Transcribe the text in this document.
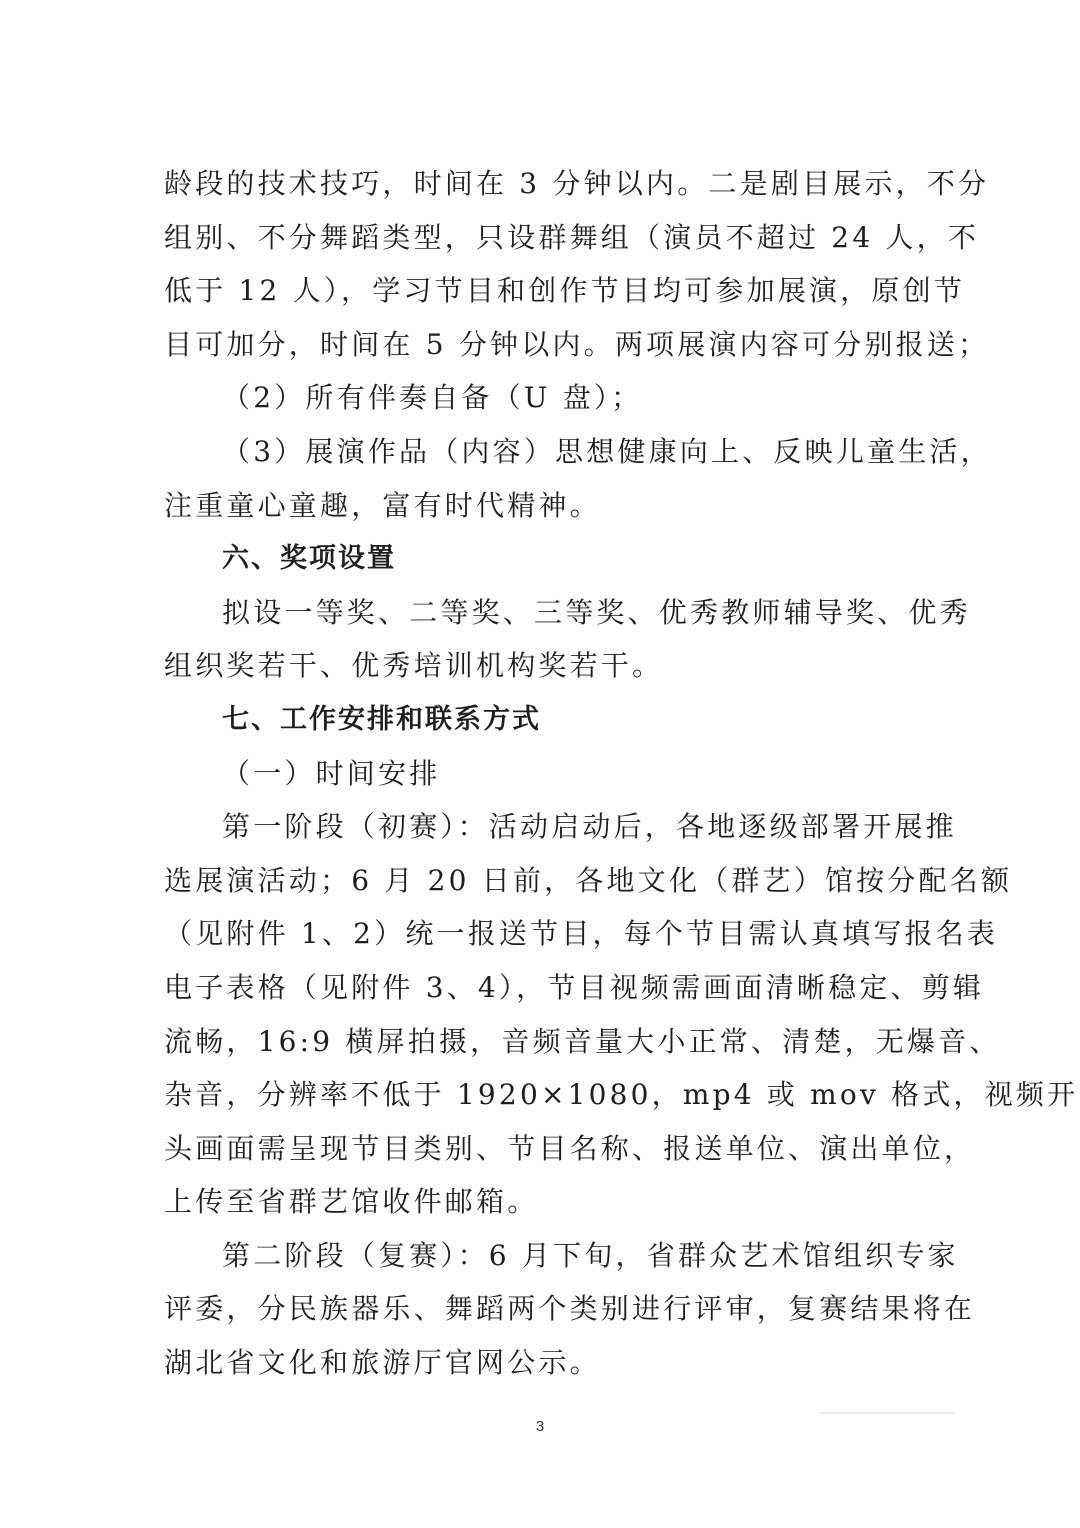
龄段的技术技巧，时间在 3 分钟以内。二是剧目展示，不分
组别、不分舞蹈类型，只设群舞组（演员不超过 24 人，不
低于 12 人），学习节目和创作节目均可参加展演，原创节
目可加分，时间在 5 分钟以内。两项展演内容可分别报送；
（2）所有伴奏自备（U 盘）；
（3）展演作品（内容）思想健康向上、反映儿童生活，
注重童心童趣，富有时代精神。
六、奖项设置
拟设一等奖、二等奖、三等奖、优秀教师辅导奖、优秀
组织奖若干、优秀培训机构奖若干。
七、工作安排和联系方式
（一）时间安排
第一阶段（初赛）：活动启动后，各地逐级部署开展推
选展演活动；6 月 20 日前，各地文化（群艺）馆按分配名额
（见附件 1、2）统一报送节目，每个节目需认真填写报名表
电子表格（见附件 3、4），节目视频需画面清晰稳定、剪辑
流畅，16:9 横屏拍摄，音频音量大小正常、清楚，无爆音、
杂音，分辨率不低于 1920×1080，mp4 或 mov 格式，视频开
头画面需呈现节目类别、节目名称、报送单位、演出单位，
上传至省群艺馆收件邮箱。
第二阶段（复赛）：6 月下旬，省群众艺术馆组织专家
评委，分民族器乐、舞蹈两个类别进行评审，复赛结果将在
湖北省文化和旅游厅官网公示。
3
